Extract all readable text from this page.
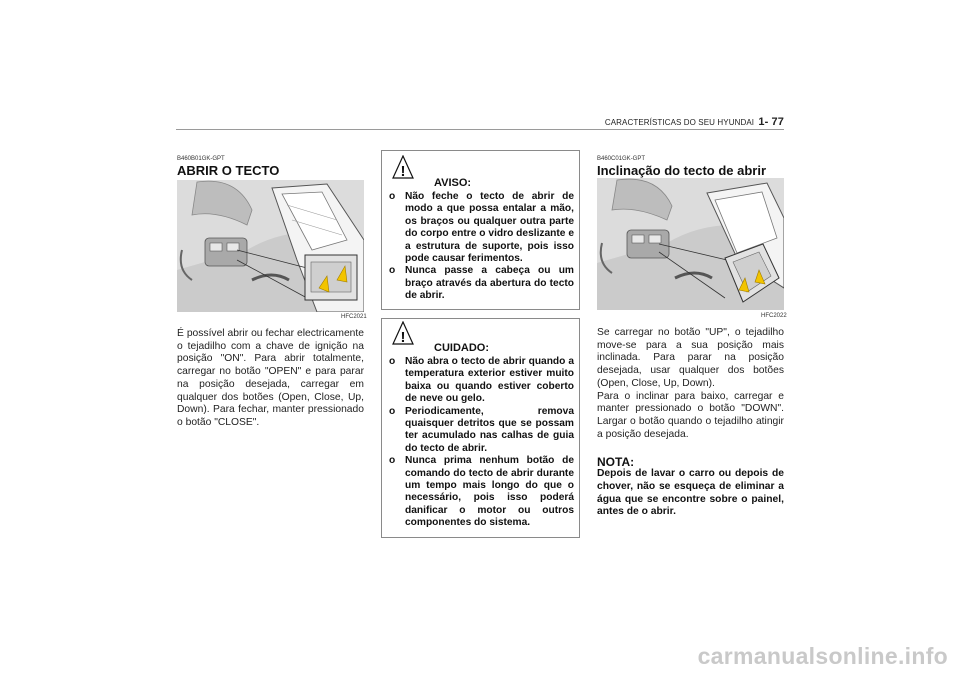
CARACTERÍSTICAS DO SEU HYUNDAI 1- 77
B460B01GK-GPT
ABRIR O TECTO
HFC2021
É possível abrir ou fechar electricamente o tejadilho com a chave de ignição na posição "ON". Para abrir totalmente, carregar no botão "OPEN" e para parar na posição desejada, carregar em qualquer dos botões (Open, Close, Up, Down). Para fechar, manter pressionado o botão "CLOSE".
!
AVISO:
o Não feche o tecto de abrir de modo a que possa entalar a mão, os braços ou qualquer outra parte do corpo entre o vidro deslizante e a estrutura de suporte, pois isso pode causar ferimentos.
o Nunca passe a cabeça ou um braço através da abertura do tecto de abrir.
!
CUIDADO:
o Não abra o tecto de abrir quando a temperatura exterior estiver muito baixa ou quando estiver coberto de neve ou gelo.
o Periodicamente, remova quaisquer detritos que se possam ter acumulado nas calhas de guia do tecto de abrir.
o Nunca prima nenhum botão de comando do tecto de abrir durante um tempo mais longo do que o necessário, pois isso poderá danificar o motor ou outros componentes do sistema.
B460C01GK-GPT
Inclinação do tecto de abrir
HFC2022
Se carregar no botão "UP", o tejadilho move-se para a sua posição mais inclinada. Para parar na posição desejada, usar qualquer dos botões (Open, Close, Up, Down).
Para o inclinar para baixo, carregar e manter pressionado o botão "DOWN". Largar o botão quando o tejadilho atingir a posição desejada.
NOTA:
Depois de lavar o carro ou depois de chover, não se esqueça de eliminar a água que se encontre sobre o painel, antes de o abrir.
carmanualsonline.info
